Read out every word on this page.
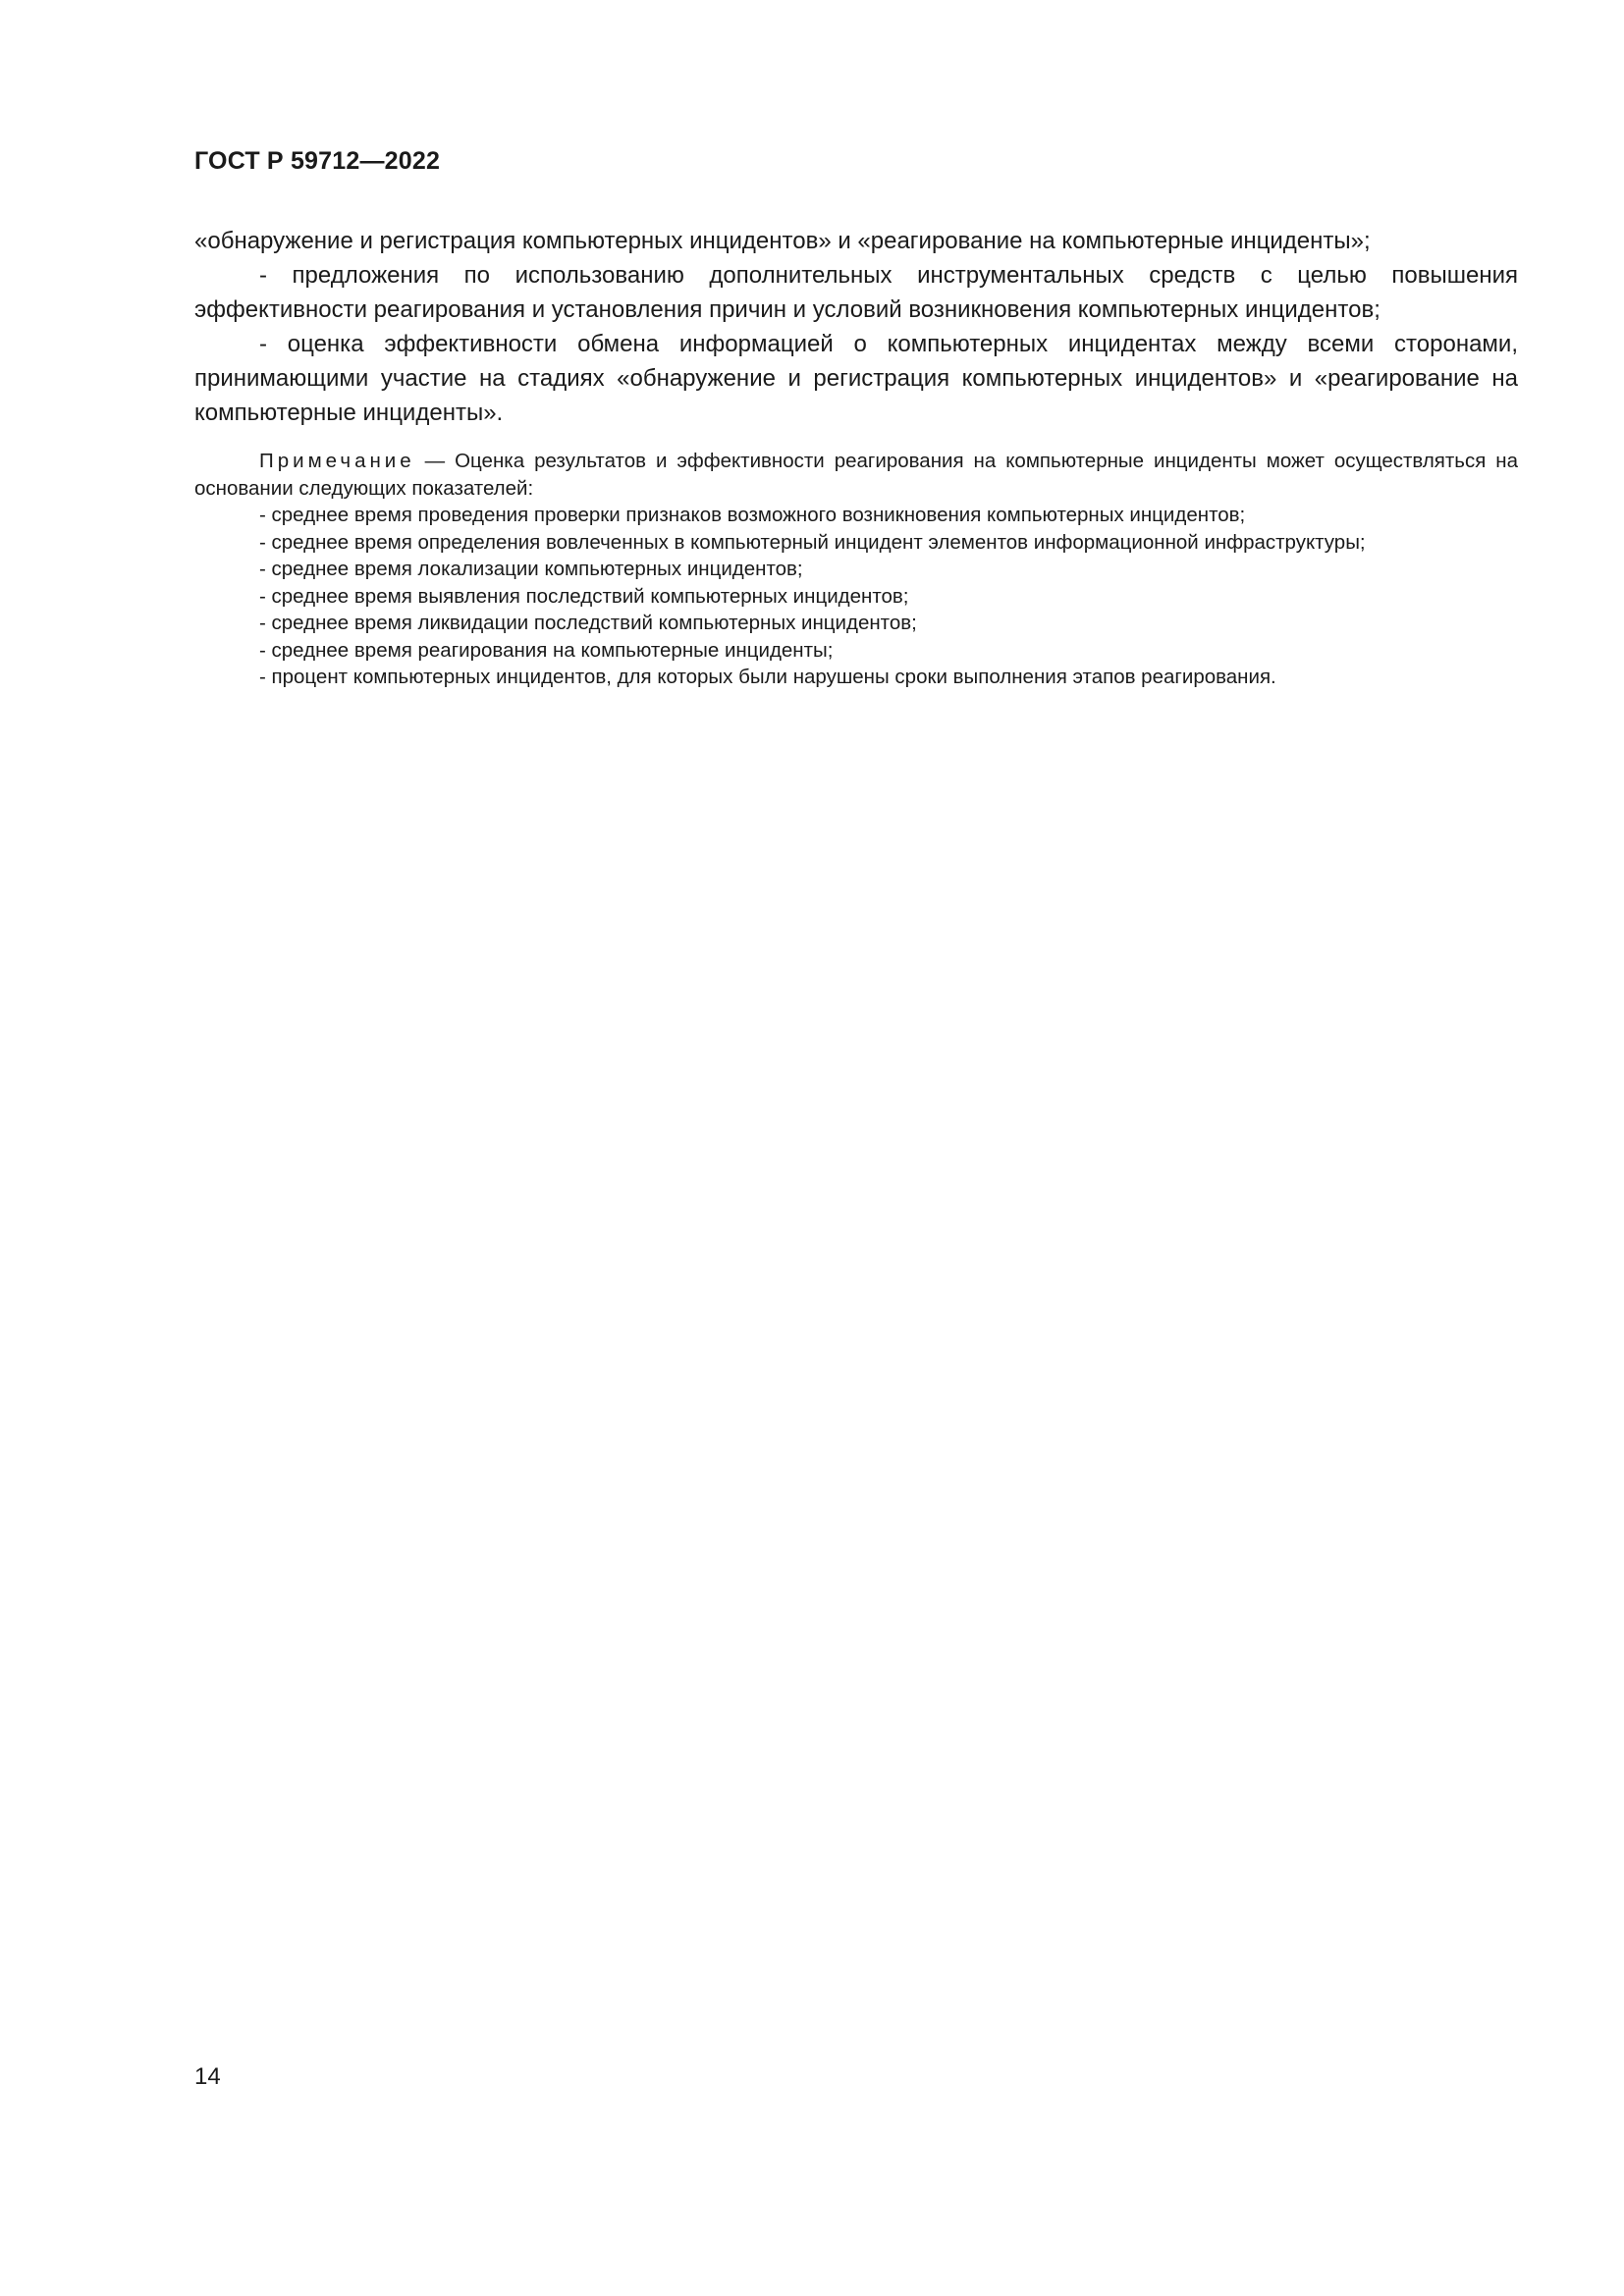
ГОСТ Р 59712—2022

«обнаружение и регистрация компьютерных инцидентов» и «реагирование на компьютерные инциденты»;

- предложения по использованию дополнительных инструментальных средств с целью повышения эффективности реагирования и установления причин и условий возникновения компьютерных инцидентов;

- оценка эффективности обмена информацией о компьютерных инцидентах между всеми сторонами, принимающими участие на стадиях «обнаружение и регистрация компьютерных инцидентов» и «реагирование на компьютерные инциденты».

Примечание — Оценка результатов и эффективности реагирования на компьютерные инциденты может осуществляться на основании следующих показателей:

- среднее время проведения проверки признаков возможного возникновения компьютерных инцидентов;

- среднее время определения вовлеченных в компьютерный инцидент элементов информационной инфраструктуры;

- среднее время локализации компьютерных инцидентов;

- среднее время выявления последствий компьютерных инцидентов;

- среднее время ликвидации последствий компьютерных инцидентов;

- среднее время реагирования на компьютерные инциденты;

- процент компьютерных инцидентов, для которых были нарушены сроки выполнения этапов реагирования.

14
